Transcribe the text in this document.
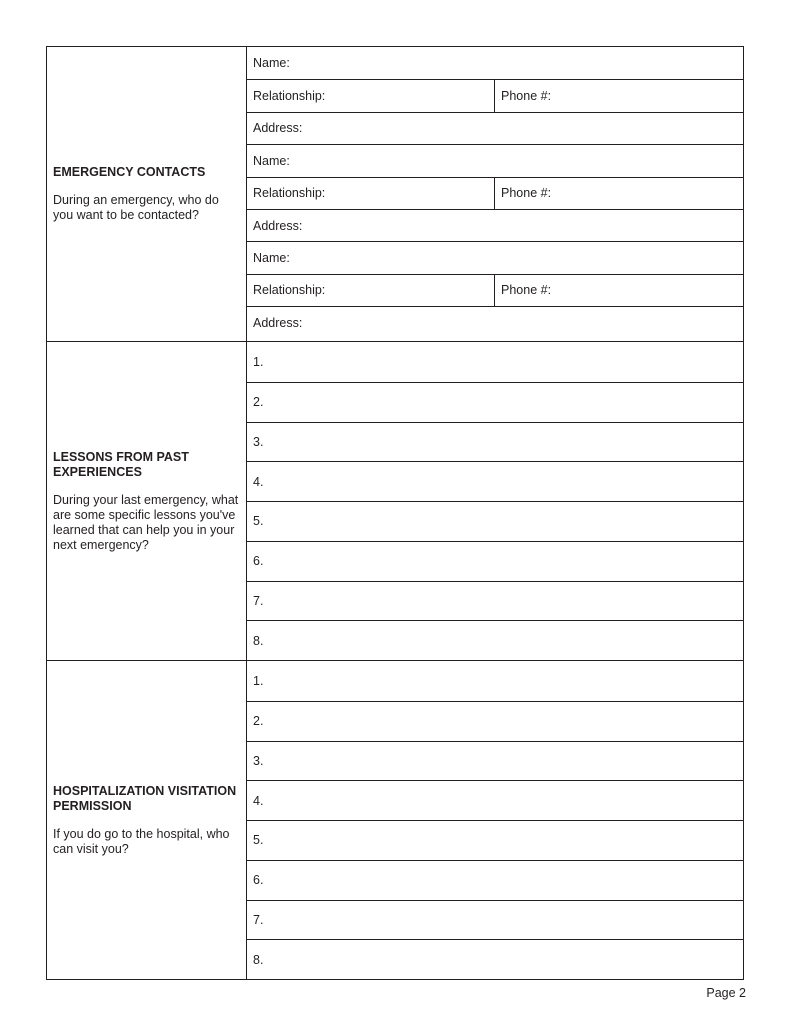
EMERGENCY CONTACTS

During an emergency, who do you want to be contacted?

Name:
Relationship:	Phone #:
Address:
Name:
Relationship:	Phone #:
Address:
Name:
Relationship:	Phone #:
Address:

LESSONS FROM PAST EXPERIENCES

During your last emergency, what are some specific lessons you've learned that can help you in your next emergency?

1.
2.
3.
4.
5.
6.
7.
8.

HOSPITALIZATION VISITATION PERMISSION

If you do go to the hospital, who can visit you?

1.
2.
3.
4.
5.
6.
7.
8.
Page 2
